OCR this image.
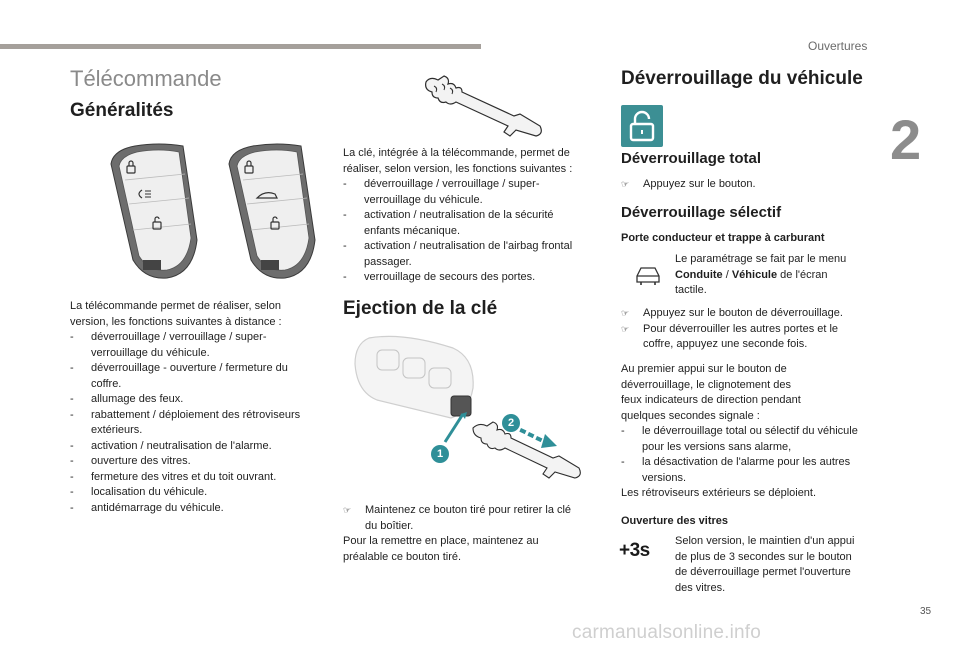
Ouvertures
2
Télécommande
Généralités
La télécommande permet de réaliser, selon
version, les fonctions suivantes à distance :
- déverrouillage / verrouillage / super-
verrouillage du véhicule.
- déverrouillage - ouverture / fermeture du
coffre.
- allumage des feux.
- rabattement / déploiement des rétroviseurs
extérieurs.
- activation / neutralisation de l'alarme.
- ouverture des vitres.
- fermeture des vitres et du toit ouvrant.
- localisation du véhicule.
- antidémarrage du véhicule.
La clé, intégrée à la télécommande, permet de
réaliser, selon version, les fonctions suivantes :
- déverrouillage / verrouillage / super-
verrouillage du véhicule.
- activation / neutralisation de la sécurité
enfants mécanique.
- activation / neutralisation de l'airbag frontal
passager.
- verrouillage de secours des portes.
Ejection de la clé
1
2
☞ Maintenez ce bouton tiré pour retirer la clé
du boîtier.
Pour la remettre en place, maintenez au
préalable ce bouton tiré.
Déverrouillage du véhicule
Déverrouillage total
☞ Appuyez sur le bouton.
Déverrouillage sélectif
Porte conducteur et trappe à carburant
Le paramétrage se fait par le menu
Conduite / Véhicule de l'écran
tactile.
☞ Appuyez sur le bouton de déverrouillage.
☞ Pour déverrouiller les autres portes et le
coffre, appuyez une seconde fois.
Au premier appui sur le bouton de
déverrouillage, le clignotement des
feux indicateurs de direction pendant
quelques secondes signale :
- le déverrouillage total ou sélectif du véhicule
pour les versions sans alarme,
- la désactivation de l'alarme pour les autres
versions.
Les rétroviseurs extérieurs se déploient.
Ouverture des vitres
+3s Selon version, le maintien d'un appui
de plus de 3 secondes sur le bouton
de déverrouillage permet l'ouverture
des vitres.
35
carmanualsonline.info
